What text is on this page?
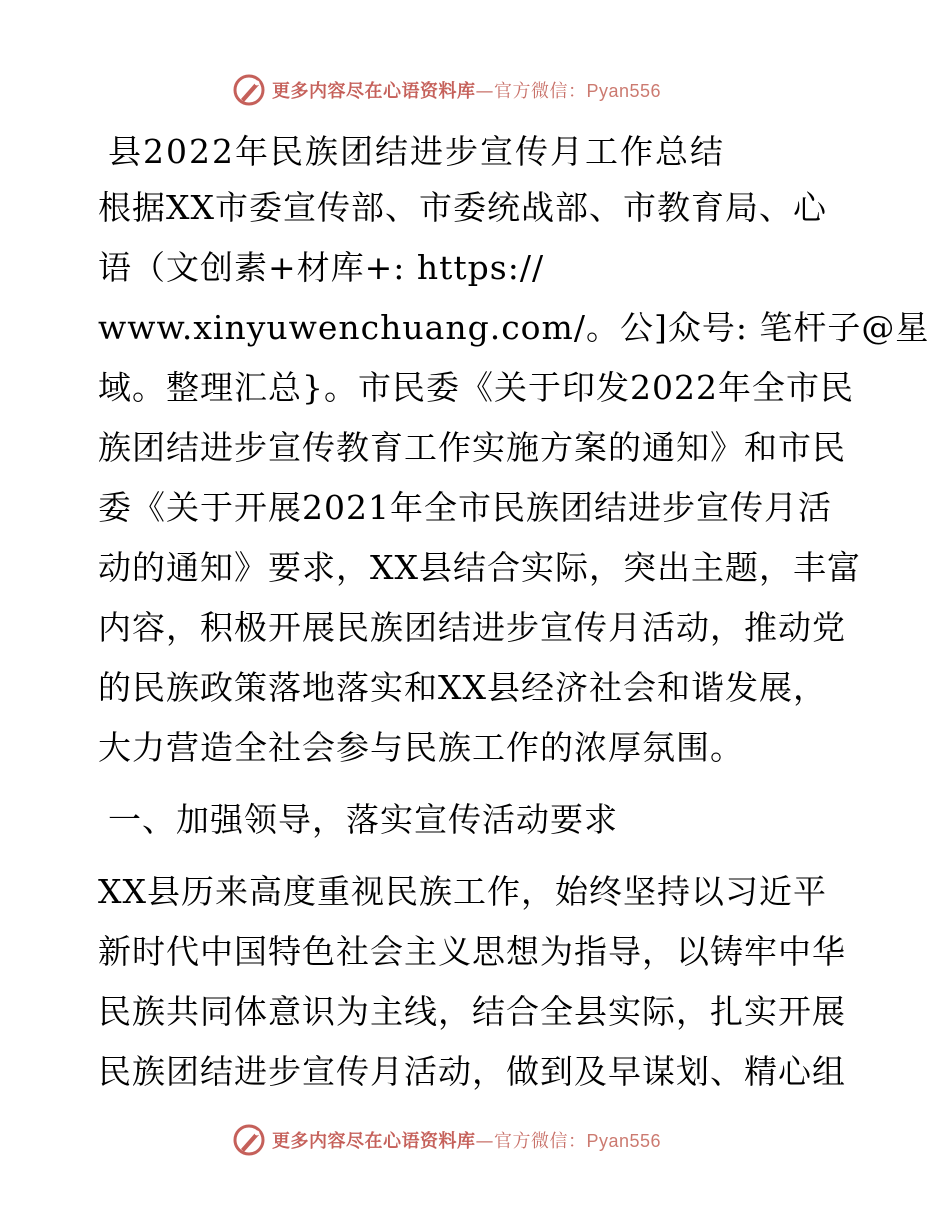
更多内容尽在心语资料库—官方微信：Pyan556
县2022年民族团结进步宣传月工作总结

根据XX市委宣传部、市委统战部、市教育局、心
语（文创素+材库+: https://
www.xinyuwenchuang.com/。公]众号: 笔杆子@星
域。整理汇总}。市民委《关于印发2022年全市民
族团结进步宣传教育工作实施方案的通知》和市民
委《关于开展2021年全市民族团结进步宣传月活
动的通知》要求，XX县结合实际，突出主题，丰富
内容，积极开展民族团结进步宣传月活动，推动党
的民族政策落地落实和XX县经济社会和谐发展，
大力营造全社会参与民族工作的浓厚氛围。

一、加强领导，落实宣传活动要求

XX县历来高度重视民族工作，始终坚持以习近平
新时代中国特色社会主义思想为指导，以铸牢中华
民族共同体意识为主线，结合全县实际，扎实开展
民族团结进步宣传月活动，做到及早谋划、精心组

更多内容尽在心语资料库—官方微信：Pyan556
